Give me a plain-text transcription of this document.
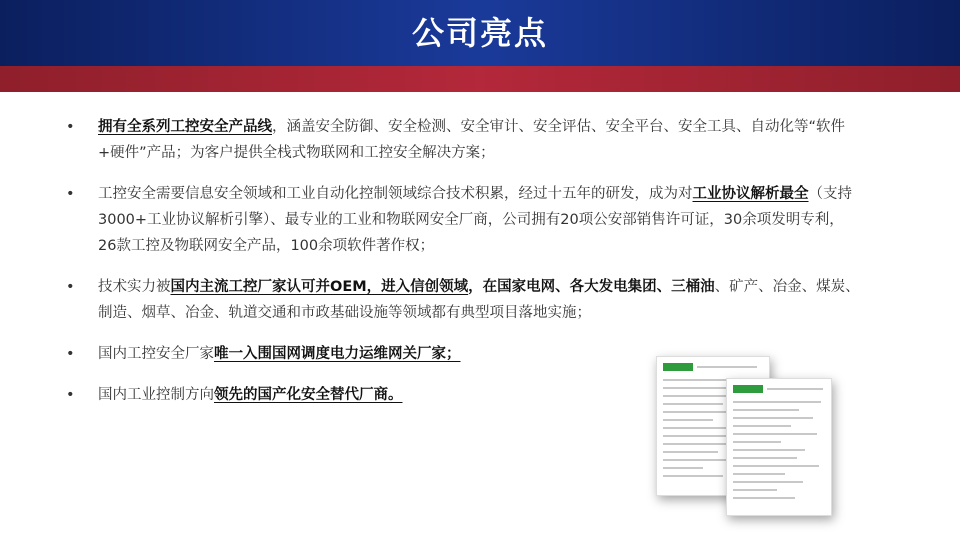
公司亮点
• 拥有全系列工控安全产品线，涵盖安全防御、安全检测、安全审计、安全评估、安全平台、安全工具、自动化等“软件+硬件”产品；为客户提供全栈式物联网和工控安全解决方案；
• 工控安全需要信息安全领域和工业自动化控制领域综合技术积累，经过十五年的研发，成为对工业协议解析最全（支持3000+工业协议解析引擎）、最专业的工业和物联网安全厂商，公司拥有20项公安部销售许可证，30余项发明专利，26款工控及物联网安全产品，100余项软件著作权；
• 技术实力被国内主流工控厂家认可并OEM，进入信创领域，在国家电网、各大发电集团、三桶油、矿产、冶金、煤炭、制造、烟草、冶金、轨道交通和市政基础设施等领域都有典型项目落地实施；
• 国内工控安全厂家唯一入围国网调度电力运维网关厂家；
• 国内工业控制方向领先的国产化安全替代厂商。
